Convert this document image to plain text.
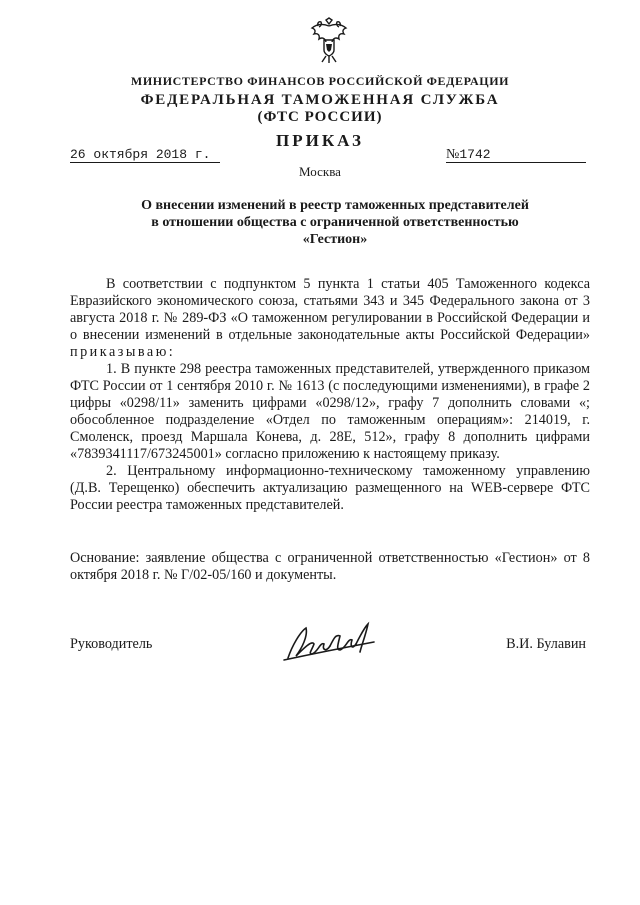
МИНИСТЕРСТВО ФИНАНСОВ РОССИЙСКОЙ ФЕДЕРАЦИИ
ФЕДЕРАЛЬНАЯ ТАМОЖЕННАЯ СЛУЖБА
(ФТС РОССИИ)
ПРИКАЗ
26 октября 2018 г.	№1742
Москва
О внесении изменений в реестр таможенных представителей
в отношении общества с ограниченной ответственностью
«Гестион»

В соответствии с подпунктом 5 пункта 1 статьи 405 Таможенного кодекса Евразийского экономического союза, статьями 343 и 345 Федерального закона от 3 августа 2018 г. № 289-ФЗ «О таможенном регулировании в Российской Федерации и о внесении изменений в отдельные законодательные акты Российской Федерации» приказываю:

1. В пункте 298 реестра таможенных представителей, утвержденного приказом ФТС России от 1 сентября 2010 г. № 1613 (с последующими изменениями), в графе 2 цифры «0298/11» заменить цифрами «0298/12», графу 7 дополнить словами «; обособленное подразделение «Отдел по таможенным операциям»: 214019, г. Смоленск, проезд Маршала Конева, д. 28Е, 512», графу 8 дополнить цифрами «7839341117/673245001» согласно приложению к настоящему приказу.

2. Центральному информационно-техническому таможенному управлению (Д.В. Терещенко) обеспечить актуализацию размещенного на WEB-сервере ФТС России реестра таможенных представителей.

Основание: заявление общества с ограниченной ответственностью «Гестион» от 8 октября 2018 г. № Г/02-05/160 и документы.

Руководитель	В.И. Булавин
